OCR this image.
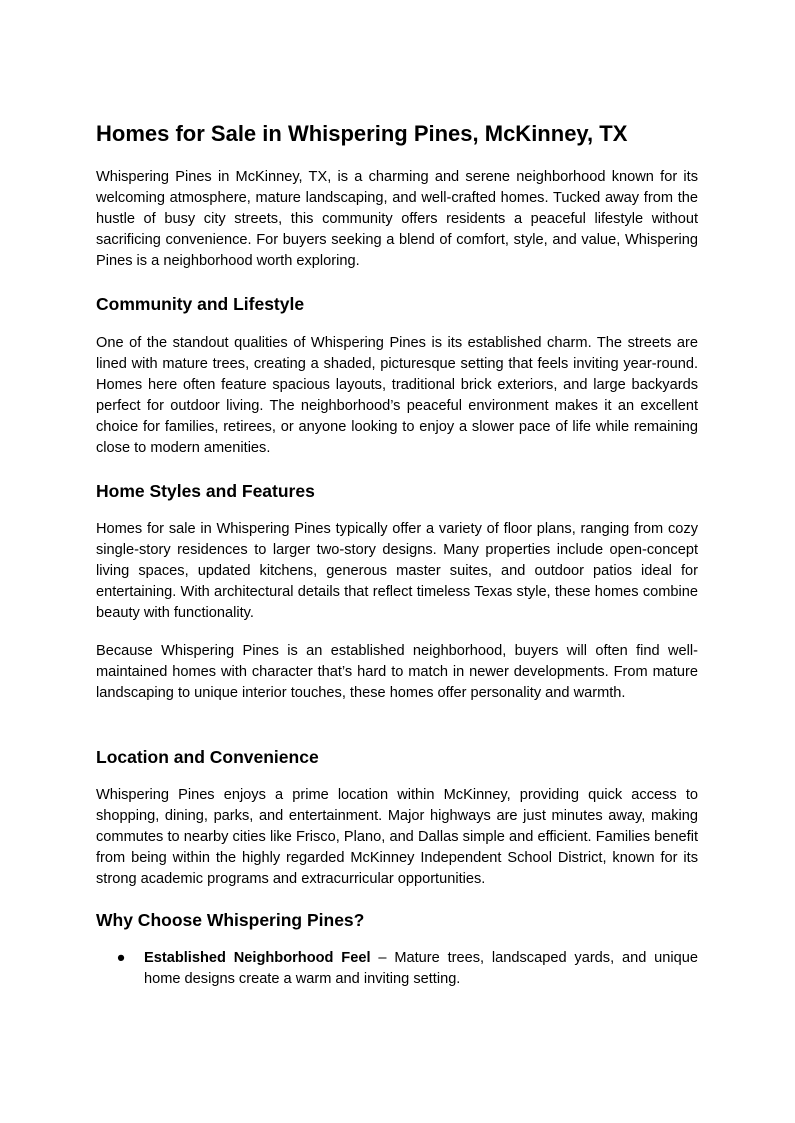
Homes for Sale in Whispering Pines, McKinney, TX

Whispering Pines in McKinney, TX, is a charming and serene neighborhood known for its welcoming atmosphere, mature landscaping, and well-crafted homes. Tucked away from the hustle of busy city streets, this community offers residents a peaceful lifestyle without sacrificing convenience. For buyers seeking a blend of comfort, style, and value, Whispering Pines is a neighborhood worth exploring.

Community and Lifestyle

One of the standout qualities of Whispering Pines is its established charm. The streets are lined with mature trees, creating a shaded, picturesque setting that feels inviting year-round. Homes here often feature spacious layouts, traditional brick exteriors, and large backyards perfect for outdoor living. The neighborhood’s peaceful environment makes it an excellent choice for families, retirees, or anyone looking to enjoy a slower pace of life while remaining close to modern amenities.

Home Styles and Features

Homes for sale in Whispering Pines typically offer a variety of floor plans, ranging from cozy single-story residences to larger two-story designs. Many properties include open-concept living spaces, updated kitchens, generous master suites, and outdoor patios ideal for entertaining. With architectural details that reflect timeless Texas style, these homes combine beauty with functionality.

Because Whispering Pines is an established neighborhood, buyers will often find well-maintained homes with character that’s hard to match in newer developments. From mature landscaping to unique interior touches, these homes offer personality and warmth.

Location and Convenience

Whispering Pines enjoys a prime location within McKinney, providing quick access to shopping, dining, parks, and entertainment. Major highways are just minutes away, making commutes to nearby cities like Frisco, Plano, and Dallas simple and efficient. Families benefit from being within the highly regarded McKinney Independent School District, known for its strong academic programs and extracurricular opportunities.

Why Choose Whispering Pines?
● Established Neighborhood Feel – Mature trees, landscaped yards, and unique home designs create a warm and inviting setting.
